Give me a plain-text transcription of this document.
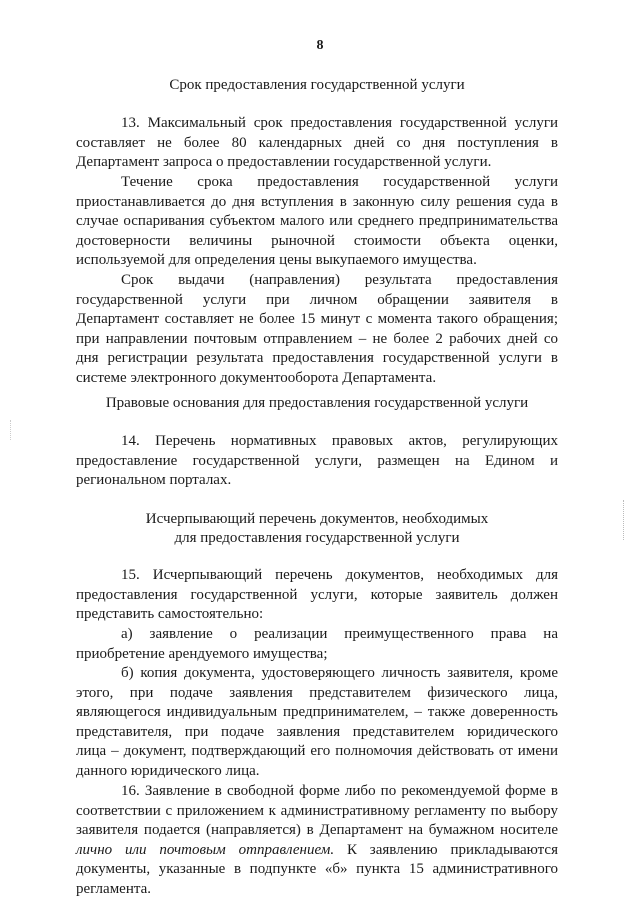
8
Срок предоставления государственной услуги
13. Максимальный срок предоставления государственной услуги
составляет не более 80 календарных дней со дня поступления в
Департамент запроса о предоставлении государственной услуги.
Течение срока предоставления государственной услуги
приостанавливается до дня вступления в законную силу решения суда в
случае оспаривания субъектом малого или среднего предпринимательства
достоверности величины рыночной стоимости объекта оценки,
используемой для определения цены выкупаемого имущества.
Срок выдачи (направления) результата предоставления
государственной услуги при личном обращении заявителя в
Департамент составляет не более 15 минут с момента такого обращения;
при направлении почтовым отправлением – не более 2 рабочих дней со
дня регистрации результата предоставления государственной услуги в
системе электронного документооборота Департамента.
Правовые основания для предоставления государственной услуги
14. Перечень нормативных правовых актов, регулирующих
предоставление государственной услуги, размещен на Едином и
региональном порталах.
Исчерпывающий перечень документов, необходимых
для предоставления государственной услуги
15. Исчерпывающий перечень документов, необходимых для
предоставления государственной услуги, которые заявитель должен
представить самостоятельно:
а) заявление о реализации преимущественного права на
приобретение арендуемого имущества;
б) копия документа, удостоверяющего личность заявителя, кроме
этого, при подаче заявления представителем физического лица,
являющегося индивидуальным предпринимателем, – также доверенность
представителя, при подаче заявления представителем юридического
лица – документ, подтверждающий его полномочия действовать от имени
данного юридического лица.
16. Заявление в свободной форме либо по рекомендуемой форме в
соответствии с приложением к административному регламенту по выбору
заявителя подается (направляется) в Департамент на бумажном носителе
лично или почтовым отправлением. К заявлению прикладываются
документы, указанные в подпункте «б» пункта 15 административного
регламента.
